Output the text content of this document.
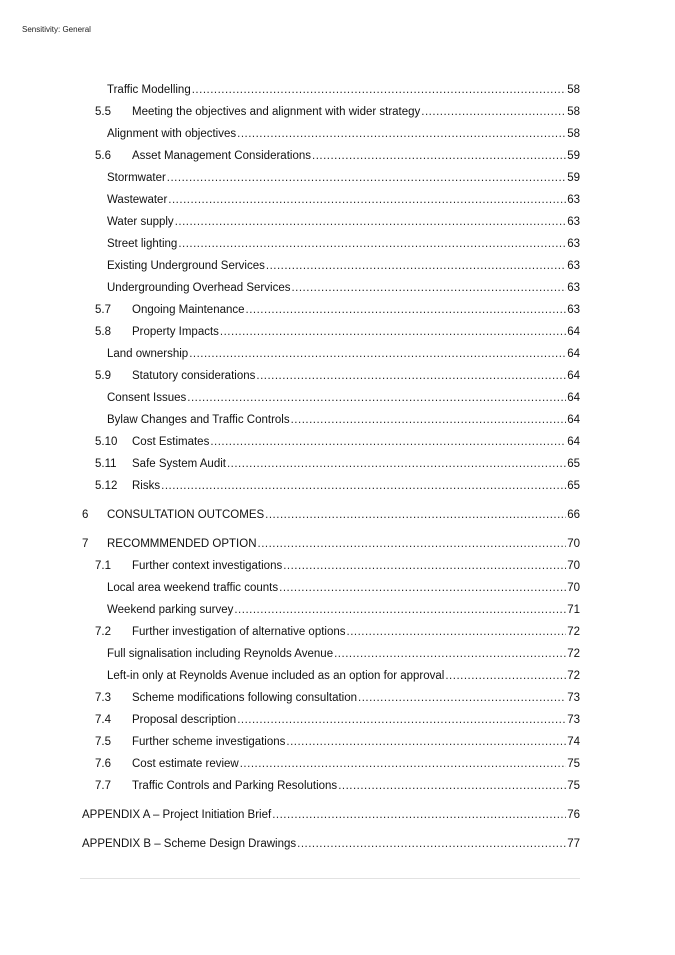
Sensitivity: General
Traffic Modelling .....	58
5.5	Meeting the objectives and alignment with wider strategy .....	58
Alignment with objectives .....	58
5.6	Asset Management Considerations .....	59
Stormwater .....	59
Wastewater .....	63
Water supply .....	63
Street lighting .....	63
Existing Underground Services .....	63
Undergrounding Overhead Services .....	63
5.7	Ongoing Maintenance .....	63
5.8	Property Impacts .....	64
Land ownership .....	64
5.9	Statutory considerations .....	64
Consent Issues .....	64
Bylaw Changes and Traffic Controls .....	64
5.10	Cost Estimates .....	64
5.11	Safe System Audit .....	65
5.12	Risks .....	65
6	CONSULTATION OUTCOMES .....	66
7	RECOMMMENDED OPTION .....	70
7.1	Further context investigations .....	70
Local area weekend traffic counts .....	70
Weekend parking survey .....	71
7.2	Further investigation of alternative options .....	72
Full signalisation including Reynolds Avenue .....	72
Left-in only at Reynolds Avenue included as an option for approval .....	72
7.3	Scheme modifications following consultation .....	73
7.4	Proposal description .....	73
7.5	Further scheme investigations .....	74
7.6	Cost estimate review .....	75
7.7	Traffic Controls and Parking Resolutions .....	75
APPENDIX A – Project Initiation Brief .....	76
APPENDIX B – Scheme Design Drawings .....	77
